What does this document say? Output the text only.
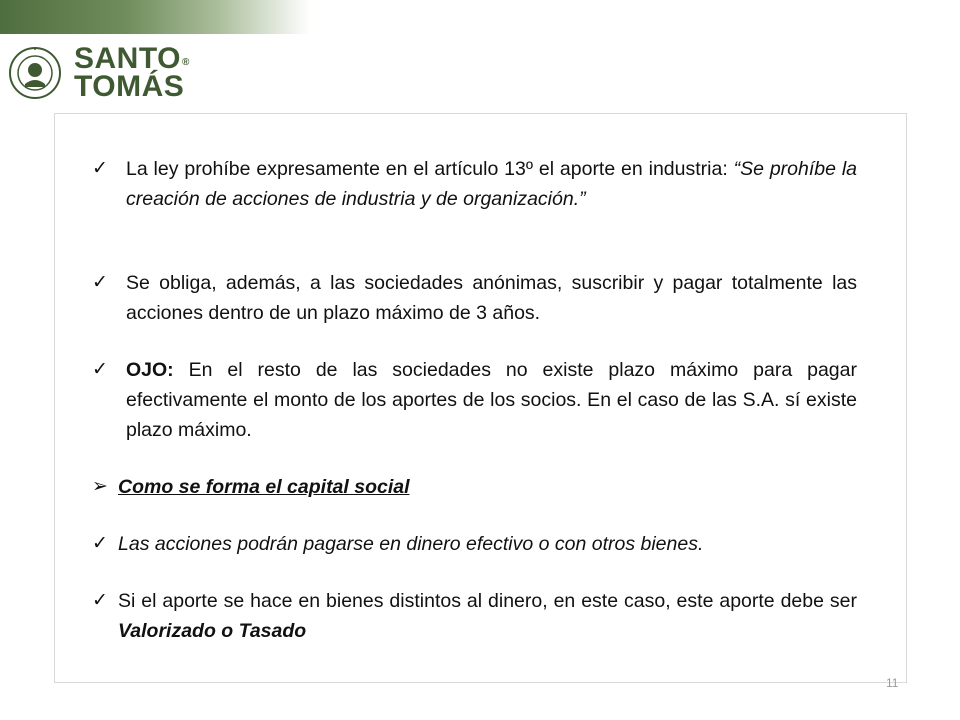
SANTO®
TOMÁS
✓ La ley prohíbe expresamente en el artículo 13º el aporte en industria: “Se prohíbe la creación de acciones de industria y de organización.”
✓ Se obliga, además, a las sociedades anónimas, suscribir y pagar totalmente las acciones dentro de un plazo máximo de 3 años.
✓ OJO: En el resto de las sociedades no existe plazo máximo para pagar efectivamente el monto de los aportes de los socios. En el caso de las S.A. sí existe plazo máximo.
➢ Como se forma el capital social
✓ Las acciones podrán pagarse en dinero efectivo o con otros bienes.
✓ Si el aporte se hace en bienes distintos al dinero, en este caso, este aporte debe ser Valorizado o Tasado
11
